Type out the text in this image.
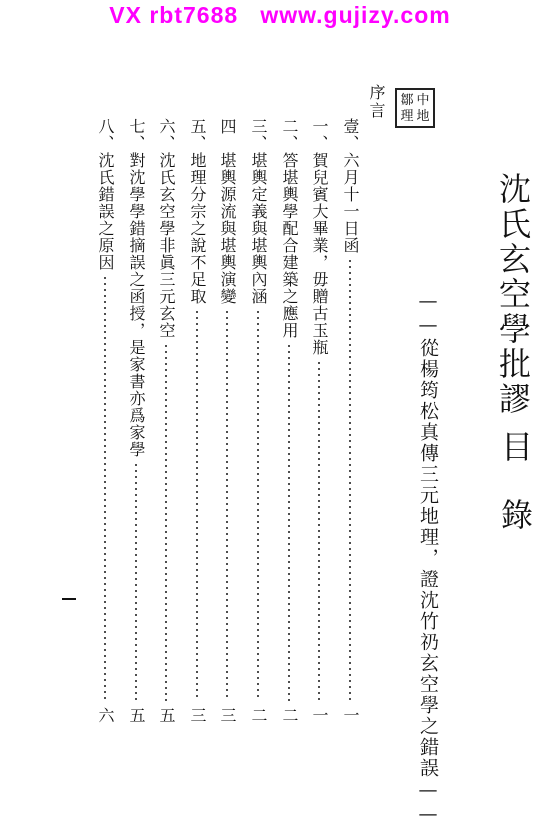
VX rbt7688   www.gujizy.com
沈氏玄空學批謬
目錄
——從楊筠松真傳三元地理，證沈竹礽玄空學之錯誤——
鄒 中
理 地
序言
壹、六月十一日函
一
一、賀兒賓大畢業，毋贈古玉瓶
一
二、答堪輿學配合建築之應用
二
三、堪輿定義與堪輿內涵
二
四　堪輿源流與堪輿演變
三
五、地理分宗之說不足取
三
六、沈氏玄空學非眞三元玄空
五
七、對沈學學錯摘誤之函授，是家書亦爲家學
五
八、沈氏錯誤之原因
六
